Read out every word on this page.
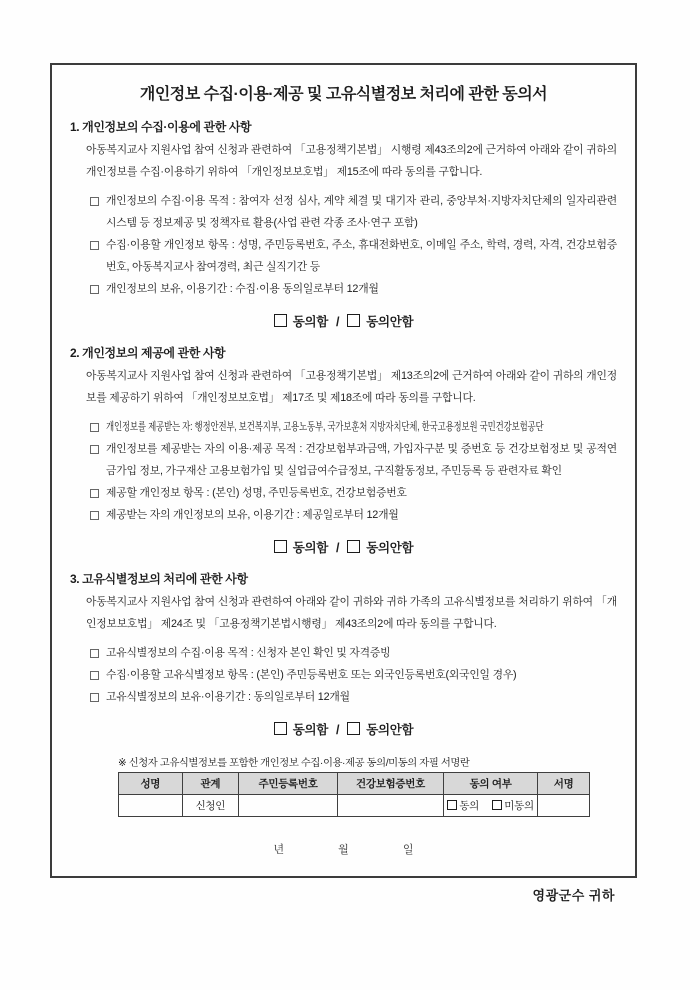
개인정보 수집·이용·제공 및 고유식별정보 처리에 관한 동의서
1. 개인정보의 수집·이용에 관한 사항
아동복지교사 지원사업 참여 신청과 관련하여 「고용정책기본법」 시행령 제43조의2에 근거하여 아래와 같이 귀하의 개인정보를 수집·이용하기 위하여 「개인정보보호법」 제15조에 따라 동의를 구합니다.
개인정보의 수집·이용 목적 : 참여자 선정 심사, 계약 체결 및 대기자 관리, 중앙부처·지방자치단체의 일자리관련시스템 등 정보제공 및 정책자료 활용(사업 관련 각종 조사·연구 포함)
수집·이용할 개인정보 항목 : 성명, 주민등록번호, 주소, 휴대전화번호, 이메일 주소, 학력, 경력, 자격, 건강보험증번호, 아동복지교사 참여경력, 최근 실직기간 등
개인정보의 보유, 이용기간 : 수집·이용 동의일로부터 12개월
동의함 / 동의안함
2. 개인정보의 제공에 관한 사항
아동복지교사 지원사업 참여 신청과 관련하여 「고용정책기본법」 제13조의2에 근거하여 아래와 같이 귀하의 개인정보를 제공하기 위하여 「개인정보보호법」 제17조 및 제18조에 따라 동의를 구합니다.
개인정보를 제공받는 자: 행정안전부, 보건복지부, 고용노동부, 국가보훈처 지방자치단체, 한국고용정보원 국민건강보험공단
개인정보를 제공받는 자의 이용·제공 목적 : 건강보험부과금액, 가입자구분 및 증번호 등 건강보험정보 및 공적연금가입 정보, 가구재산 고용보험가입 및 실업급여수급정보, 구직활동정보, 주민등록 등 관련자료 확인
제공할 개인정보 항목 : (본인) 성명, 주민등록번호, 건강보험증번호
제공받는 자의 개인정보의 보유, 이용기간 : 제공일로부터 12개월
동의함 / 동의안함
3. 고유식별정보의 처리에 관한 사항
아동복지교사 지원사업 참여 신청과 관련하여 아래와 같이 귀하와 귀하 가족의 고유식별정보를 처리하기 위하여 「개인정보보호법」 제24조 및 「고용정책기본법시행령」 제43조의2에 따라 동의를 구합니다.
고유식별정보의 수집·이용 목적 : 신청자 본인 확인 및 자격증빙
수집·이용할 고유식별정보 항목 : (본인) 주민등록번호 또는 외국인등록번호(외국인일 경우)
고유식별정보의 보유·이용기간 : 동의일로부터 12개월
동의함 / 동의안함
※ 신청자 고유식별정보를 포함한 개인정보 수집·이용·제공 동의/미동의 자필 서명란
성명	관계	주민등록번호	건강보험증번호	동의 여부	서명
	신청인			동의 미동의	
년	월	일
영광군수 귀하
